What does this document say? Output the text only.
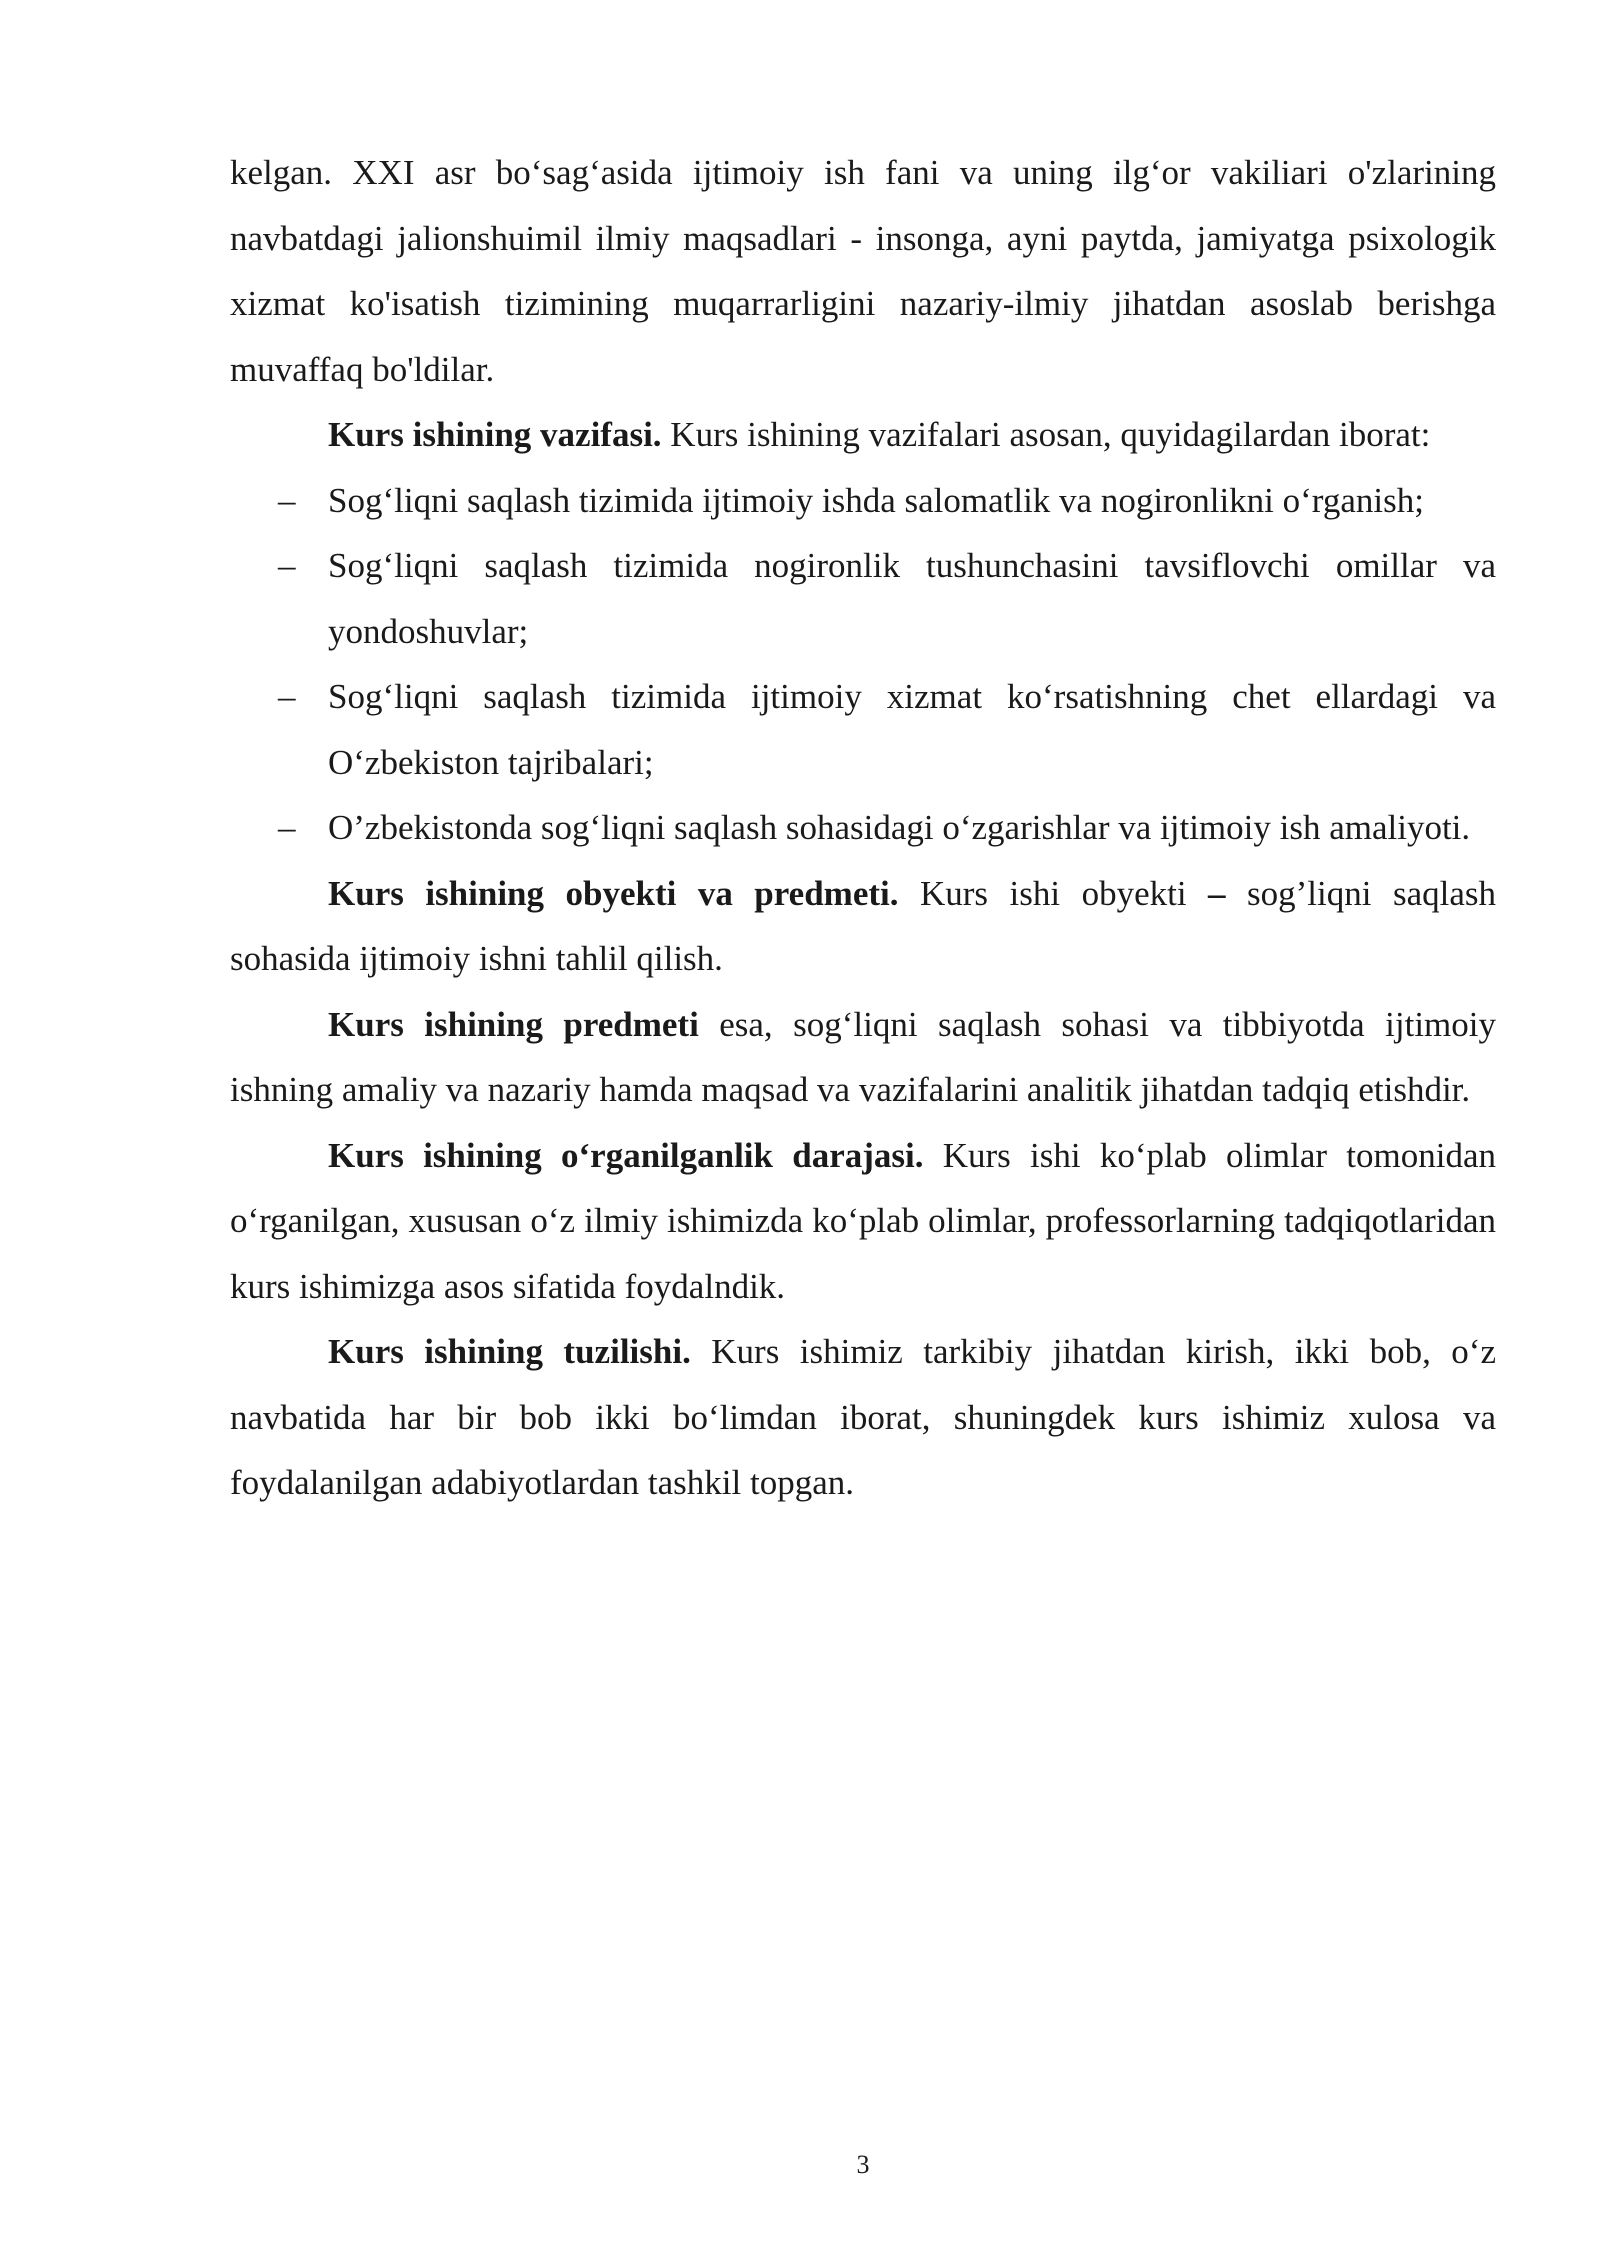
kelgan. XXI asr bo‘sag‘asida ijtimoiy ish fani va uning ilg‘or vakiliari o'zlarining navbatdagi jalionshuimil ilmiy maqsadlari - insonga, ayni paytda, jamiyatga psixologik xizmat ko'isatish tizimining muqarrarligini nazariy-ilmiy jihatdan asoslab berishga muvaffaq bo'ldilar.

Kurs ishining vazifasi. Kurs ishining vazifalari asosan, quyidagilardan iborat:

– Sog‘liqni saqlash tizimida ijtimoiy ishda salomatlik va nogironlikni o‘rganish;
– Sog‘liqni saqlash tizimida nogironlik tushunchasini tavsiflovchi omillar va yondoshuvlar;
– Sog‘liqni saqlash tizimida ijtimoiy xizmat ko‘rsatishning chet ellardagi va O‘zbekiston tajribalari;
– O’zbekistonda sog‘liqni saqlash sohasidagi o‘zgarishlar va ijtimoiy ish amaliyoti.

Kurs ishining obyekti va predmeti. Kurs ishi obyekti – sog’liqni saqlash sohasida ijtimoiy ishni tahlil qilish.

Kurs ishining predmeti esa, sog‘liqni saqlash sohasi va tibbiyotda ijtimoiy ishning amaliy va nazariy hamda maqsad va vazifalarini analitik jihatdan tadqiq etishdir.

Kurs ishining o‘rganilganlik darajasi. Kurs ishi ko‘plab olimlar tomonidan o‘rganilgan, xususan o‘z ilmiy ishimizda ko‘plab olimlar, professorlarning tadqiqotlaridan kurs ishimizga asos sifatida foydalndik.

Kurs ishining tuzilishi. Kurs ishimiz tarkibiy jihatdan kirish, ikki bob, o‘z navbatida har bir bob ikki bo‘limdan iborat, shuningdek kurs ishimiz xulosa va foydalanilgan adabiyotlardan tashkil topgan.

3
